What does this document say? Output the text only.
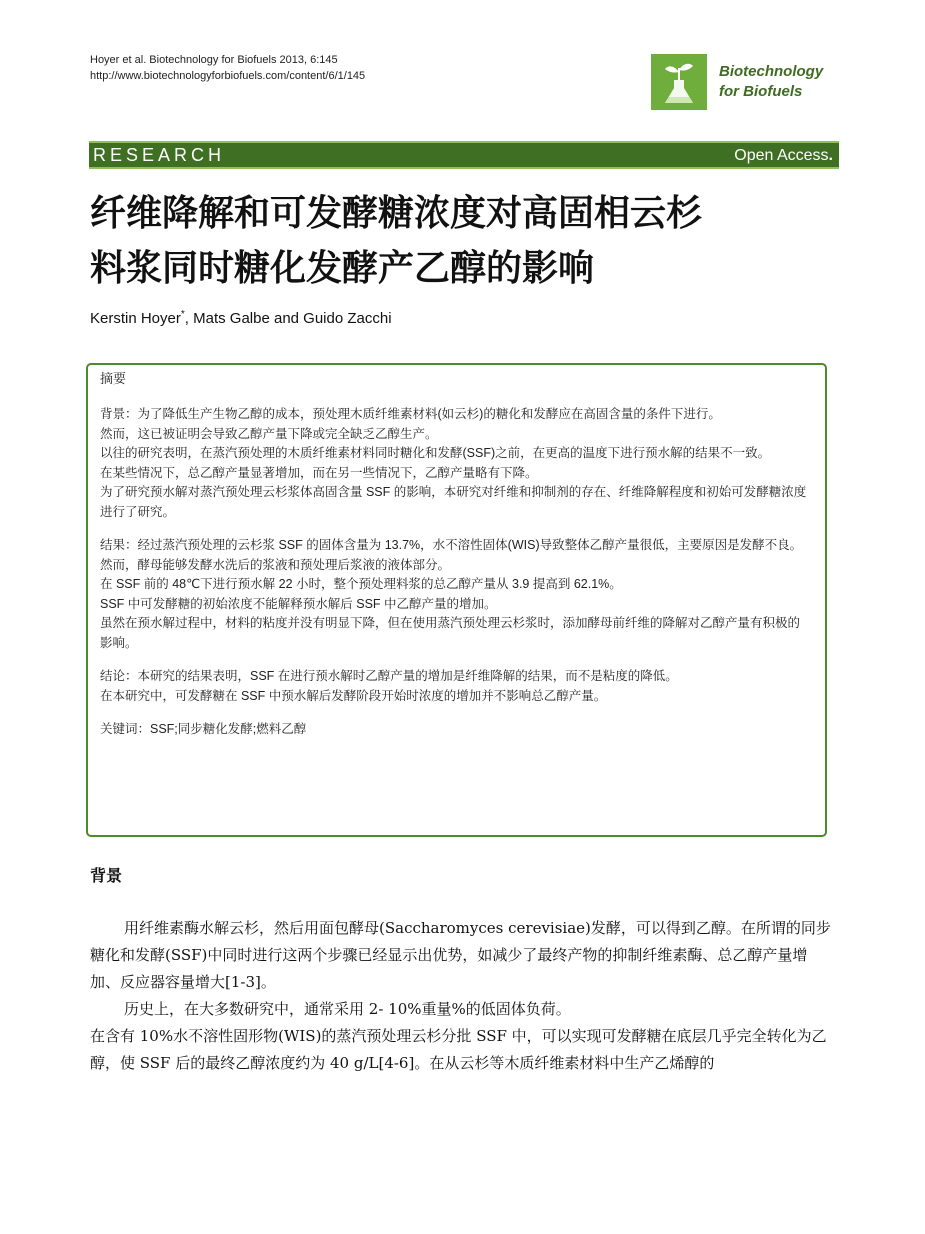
Hoyer et al. Biotechnology for Biofuels 2013, 6:145
http://www.biotechnologyforbiofuels.com/content/6/1/145	Biotechnology
for Biofuels
RESEARCH	Open Access.
纤维降解和可发酵糖浓度对高固相云杉
料浆同时糖化发酵产乙醇的影响
Kerstin Hoyer*, Mats Galbe and Guido Zacchi
摘要

背景：为了降低生产生物乙醇的成本，预处理木质纤维素材料(如云杉)的糖化和发酵应在高固含量的条件下进行。

然而，这已被证明会导致乙醇产量下降或完全缺乏乙醇生产。

以往的研究表明，在蒸汽预处理的木质纤维素材料同时糖化和发酵(SSF)之前，在更高的温度下进行预水解的结果不一致。

在某些情况下，总乙醇产量显著增加，而在另一些情况下，乙醇产量略有下降。

为了研究预水解对蒸汽预处理云杉浆体高固含量 SSF 的影响，本研究对纤维和抑制剂的存在、纤维降解程度和初始可发酵糖浓度进行了研究。

结果：经过蒸汽预处理的云杉浆 SSF 的固体含量为 13.7%，水不溶性固体(WIS)导致整体乙醇产量很低，主要原因是发酵不良。

然而，酵母能够发酵水洗后的浆液和预处理后浆液的液体部分。

在 SSF 前的 48℃下进行预水解 22 小时，整个预处理料浆的总乙醇产量从 3.9 提高到 62.1%。

SSF 中可发酵糖的初始浓度不能解释预水解后 SSF 中乙醇产量的增加。

虽然在预水解过程中，材料的粘度并没有明显下降，但在使用蒸汽预处理云杉浆时，添加酵母前纤维的降解对乙醇产量有积极的影响。

结论：本研究的结果表明，SSF 在进行预水解时乙醇产量的增加是纤维降解的结果，而不是粘度的降低。

在本研究中，可发酵糖在 SSF 中预水解后发酵阶段开始时浓度的增加并不影响总乙醇产量。

关键词：SSF;同步糖化发酵;燃料乙醇

背景

用纤维素酶水解云杉，然后用面包酵母(Saccharomyces cerevisiae)发酵，可以得到乙醇。在所谓的同步糖化和发酵(SSF)中同时进行这两个步骤已经显示出优势，如减少了最终产物的抑制纤维素酶、总乙醇产量增加、反应器容量增大[1-3]。

历史上，在大多数研究中，通常采用 2- 10%重量%的低固体负荷。

在含有 10%水不溶性固形物(WIS)的蒸汽预处理云杉分批 SSF 中，可以实现可发酵糖在底层几乎完全转化为乙醇，使 SSF 后的最终乙醇浓度约为 40 g/L[4-6]。在从云杉等木质纤维素材料中生产乙烯醇的
